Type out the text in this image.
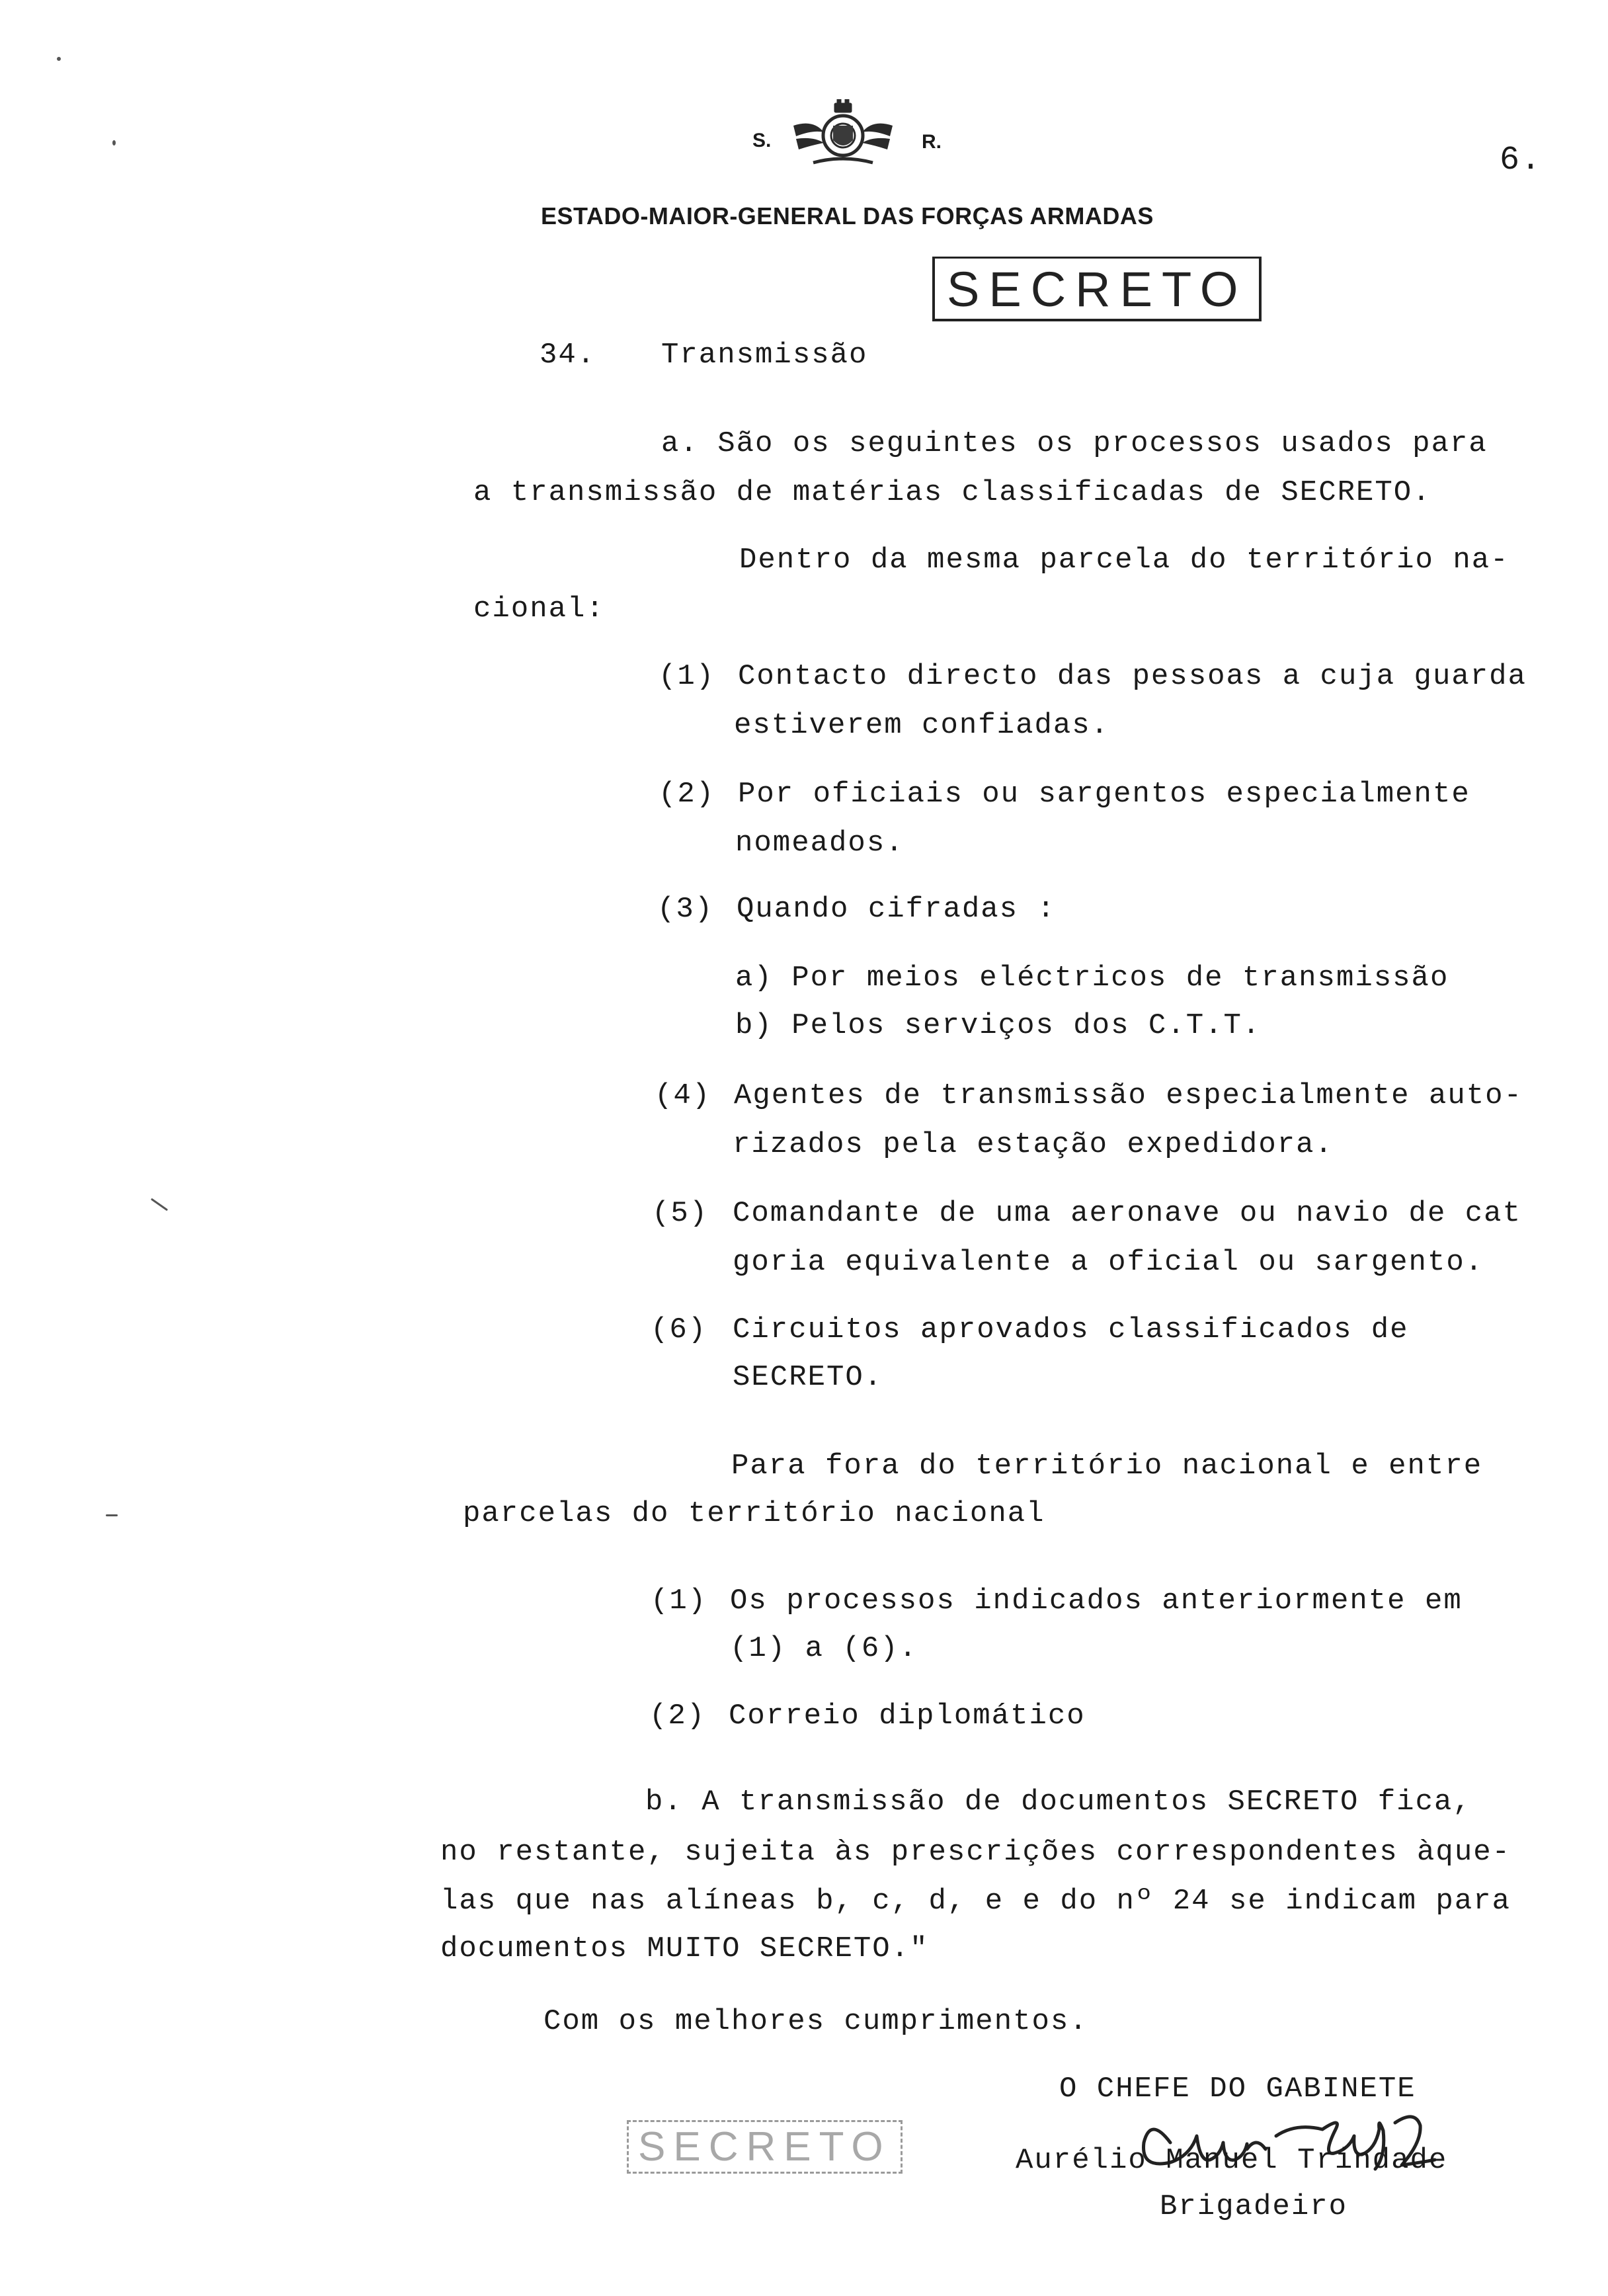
S.	R.	6.
ESTADO-MAIOR-GENERAL DAS FORÇAS ARMADAS
SECRETO
34. Transmissão
a. São os seguintes os processos usados para
a transmissão de matérias classificadas de SECRETO.
Dentro da mesma parcela do território na-
cional:
(1) Contacto directo das pessoas a cuja guarda
estiverem confiadas.
(2) Por oficiais ou sargentos especialmente
nomeados.
(3) Quando cifradas :
a) Por meios eléctricos de transmissão
b) Pelos serviços dos C.T.T.
(4) Agentes de transmissão especialmente auto-
rizados pela estação expedidora.
(5) Comandante de uma aeronave ou navio de cat
goria equivalente a oficial ou sargento.
(6) Circuitos aprovados classificados de
SECRETO.
Para fora do território nacional e entre
parcelas do território nacional
(1) Os processos indicados anteriormente em
(1) a (6).
(2) Correio diplomático
b. A transmissão de documentos SECRETO fica,
no restante, sujeita às prescrições correspondentes àque-
las que nas alíneas b, c, d, e e do nº 24 se indicam para
documentos MUITO SECRETO."
Com os melhores cumprimentos.
O CHEFE DO GABINETE
Aurélio Manuel Trindade
Brigadeiro
SECRETO
